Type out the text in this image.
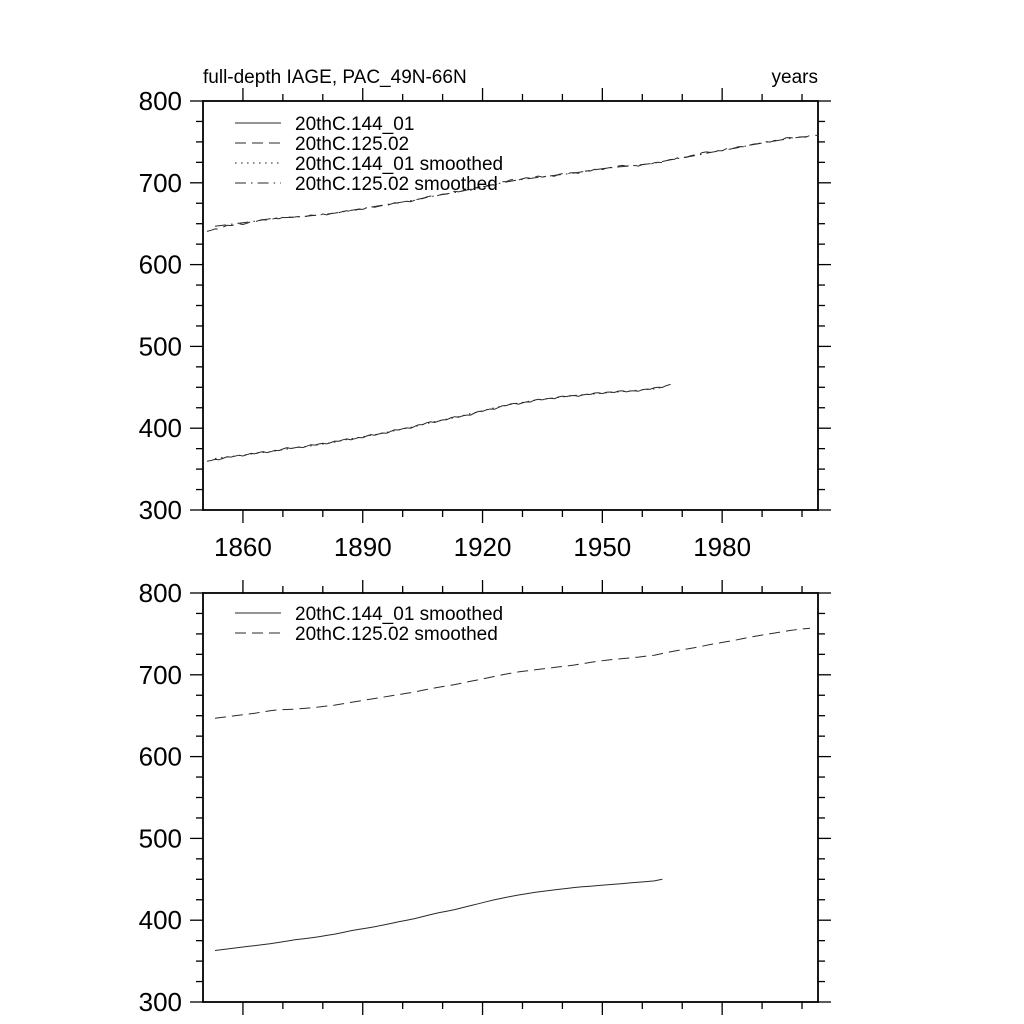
full-depth IAGE, PAC_49N-66N	years
1860 1890 1920 1950 1980
300
400
500
600
700
800
20thC.144_01
20thC.125.02
20thC.144_01 smoothed
20thC.125.02 smoothed
300
400
500
600
700
800
20thC.144_01 smoothed
20thC.125.02 smoothed
